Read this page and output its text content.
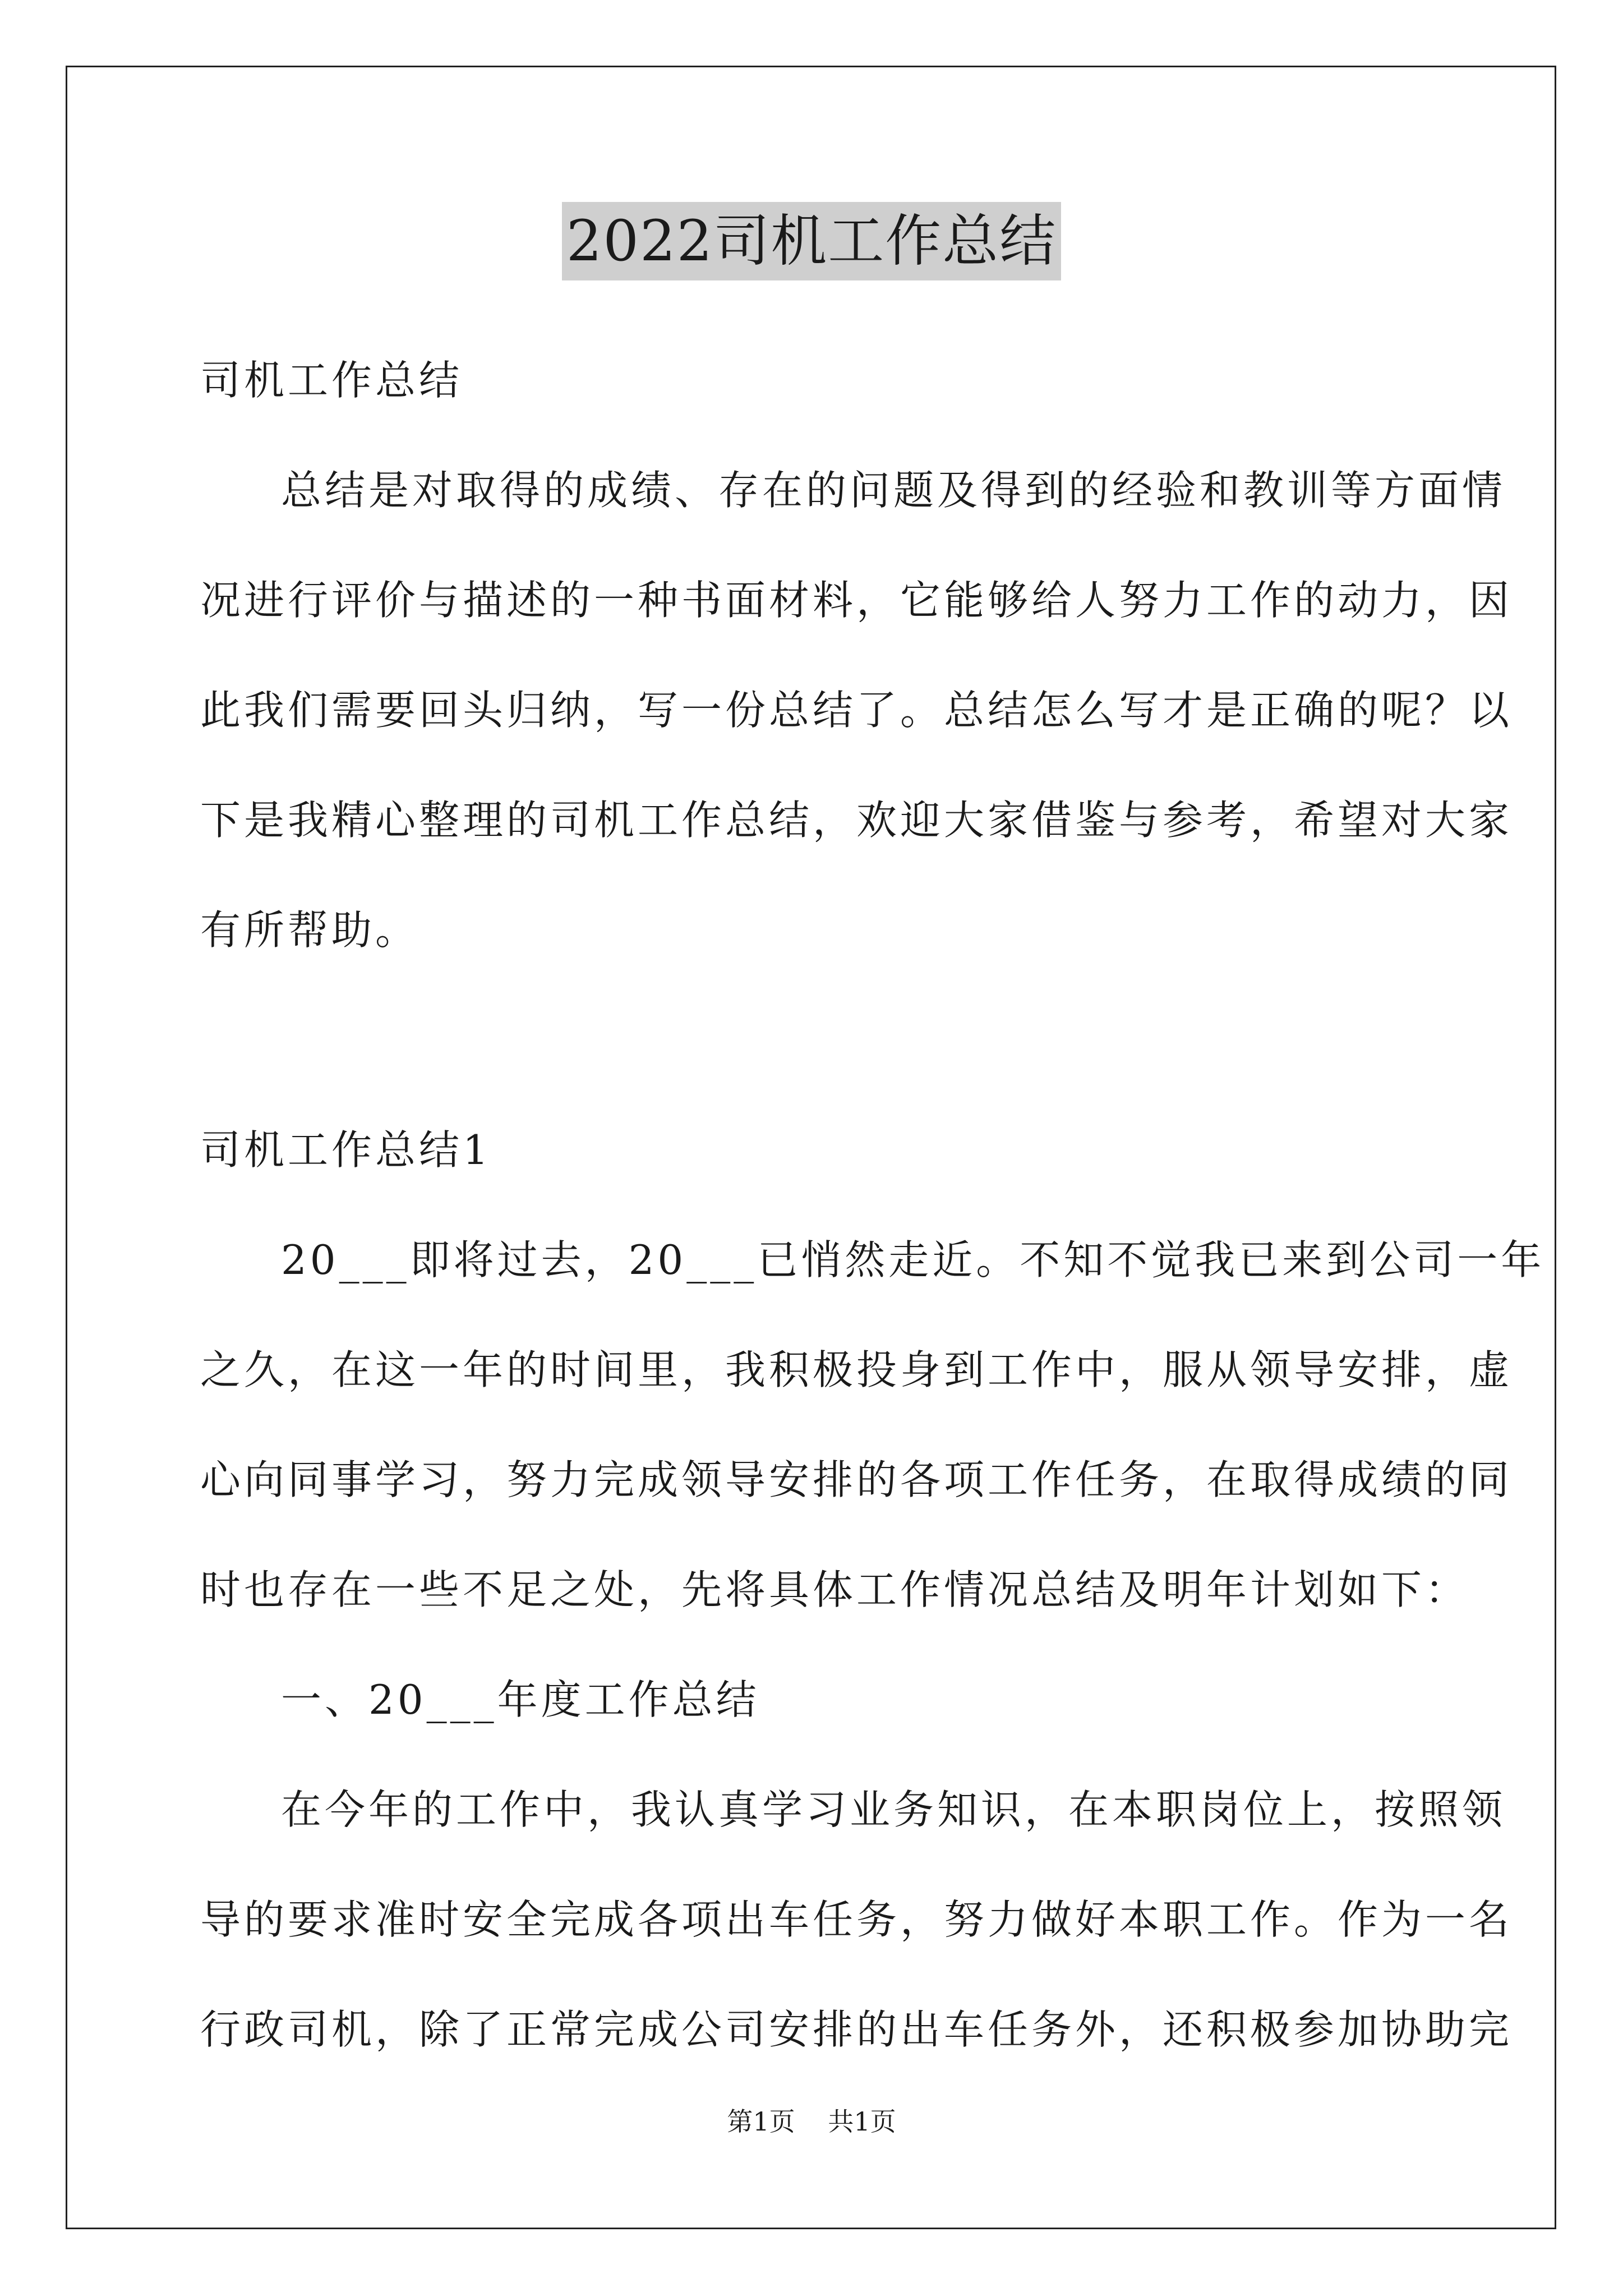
2022司机工作总结
司机工作总结
总结是对取得的成绩、存在的问题及得到的经验和教训等方面情
况进行评价与描述的一种书面材料，它能够给人努力工作的动力，因
此我们需要回头归纳，写一份总结了。总结怎么写才是正确的呢？以
下是我精心整理的司机工作总结，欢迎大家借鉴与参考，希望对大家
有所帮助。
司机工作总结1
20___即将过去，20___已悄然走近。不知不觉我已来到公司一年
之久，在这一年的时间里，我积极投身到工作中，服从领导安排，虚
心向同事学习，努力完成领导安排的各项工作任务，在取得成绩的同
时也存在一些不足之处，先将具体工作情况总结及明年计划如下：
一、20___年度工作总结
在今年的工作中，我认真学习业务知识，在本职岗位上，按照领
导的要求准时安全完成各项出车任务，努力做好本职工作。作为一名
行政司机，除了正常完成公司安排的出车任务外，还积极参加协助完
第1页 共1页
